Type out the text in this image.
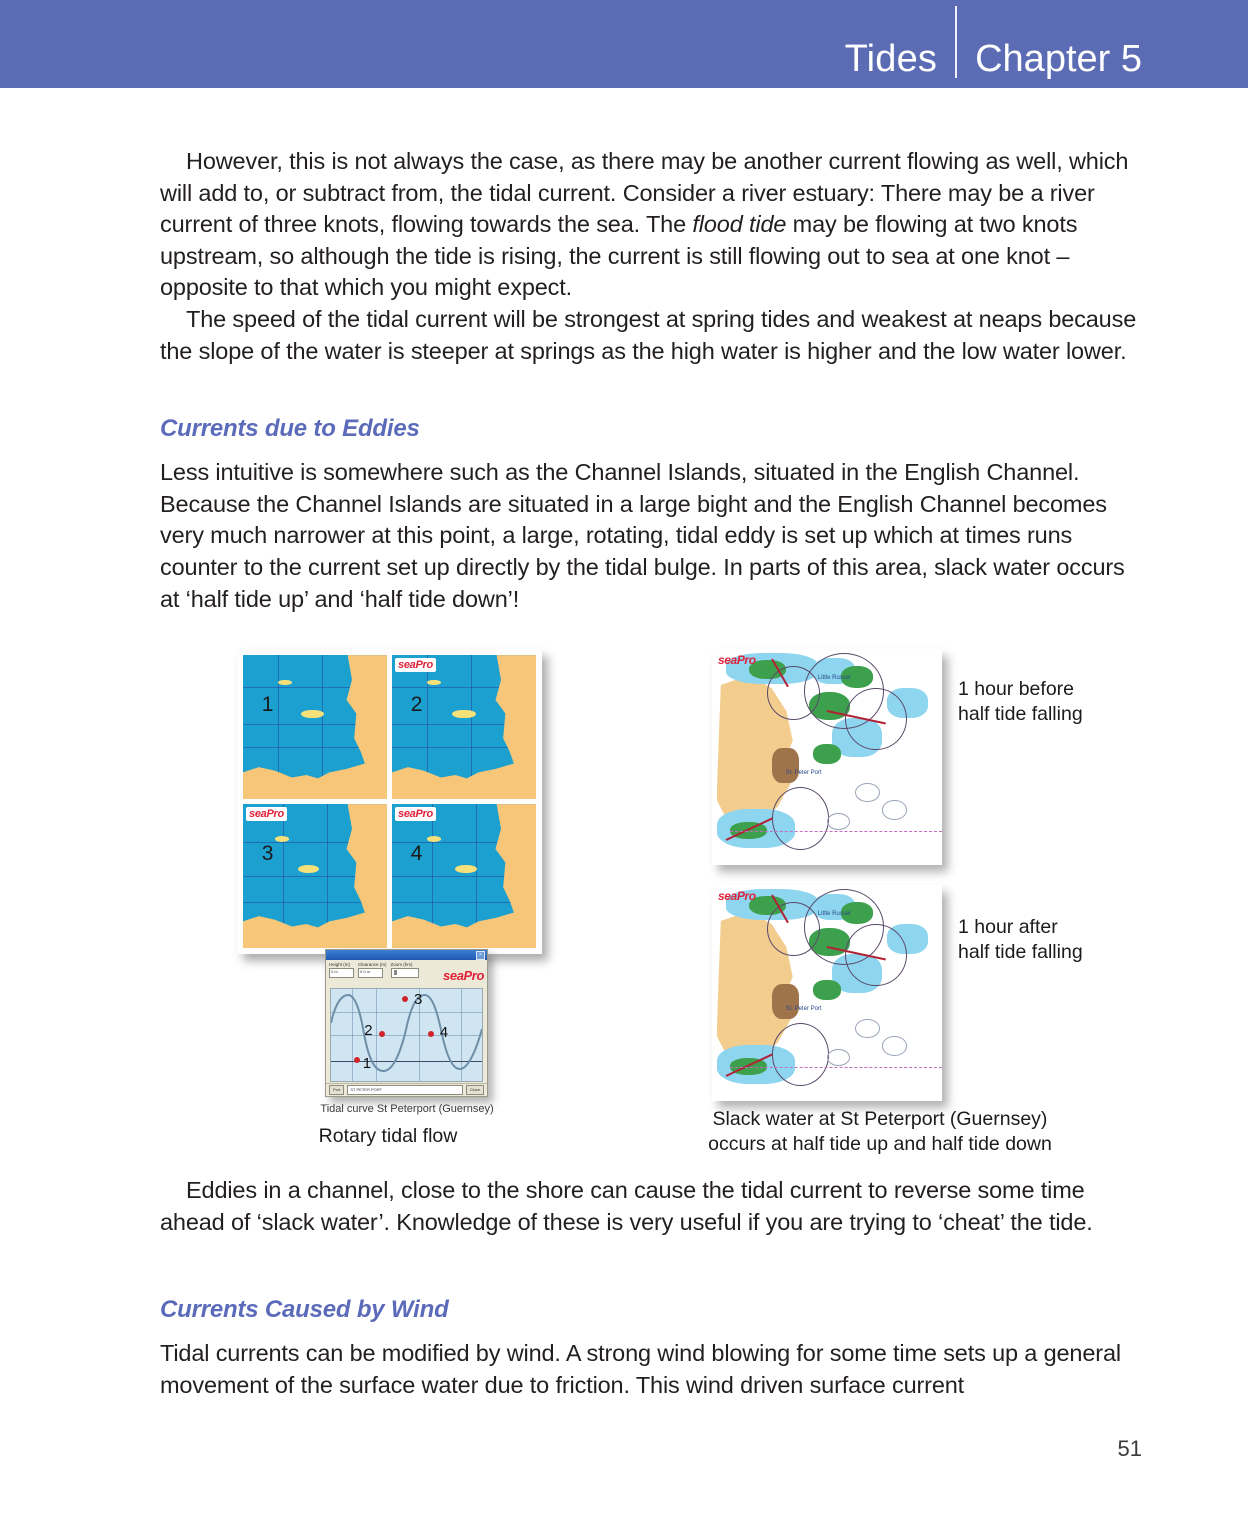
Tides Chapter 5

However, this is not always the case, as there may be another current flowing as well, which will add to, or subtract from, the tidal current. Consider a river estuary: There may be a river current of three knots, flowing towards the sea. The flood tide may be flowing at two knots upstream, so although the tide is rising, the current is still flowing out to sea at one knot – opposite to that which you might expect.

The speed of the tidal current will be strongest at spring tides and weakest at neaps because the slope of the water is steeper at springs as the high water is higher and the low water lower.

Currents due to Eddies

Less intuitive is somewhere such as the Channel Islands, situated in the English Channel. Because the Channel Islands are situated in a large bight and the English Channel becomes very much narrower at this point, a large, rotating, tidal eddy is set up which at times runs counter to the current set up directly by the tidal bulge. In parts of this area, slack water occurs at ‘half tide up’ and ‘half tide down’!

1
seaPro
2
seaPro
3
seaPro
4
×
Height (m)
0 m
Clearance (m)
0.0 m
Zoom (hrs)
seaPro
1
2
3
4
Port	ST PETER PORT	Close
Tidal curve St Peterport (Guernsey)
Rotary tidal flow
seaPro
St. Peter Port
Little Russel
1 hour before
half tide falling
seaPro
St. Peter Port
Little Russel
1 hour after
half tide falling
Slack water at St Peterport (Guernsey)
occurs at half tide up and half tide down

Eddies in a channel, close to the shore can cause the tidal current to reverse some time ahead of ‘slack water’. Knowledge of these is very useful if you are trying to ‘cheat’ the tide.

Currents Caused by Wind

Tidal currents can be modified by wind. A strong wind blowing for some time sets up a general movement of the surface water due to friction. This wind driven surface current

51
